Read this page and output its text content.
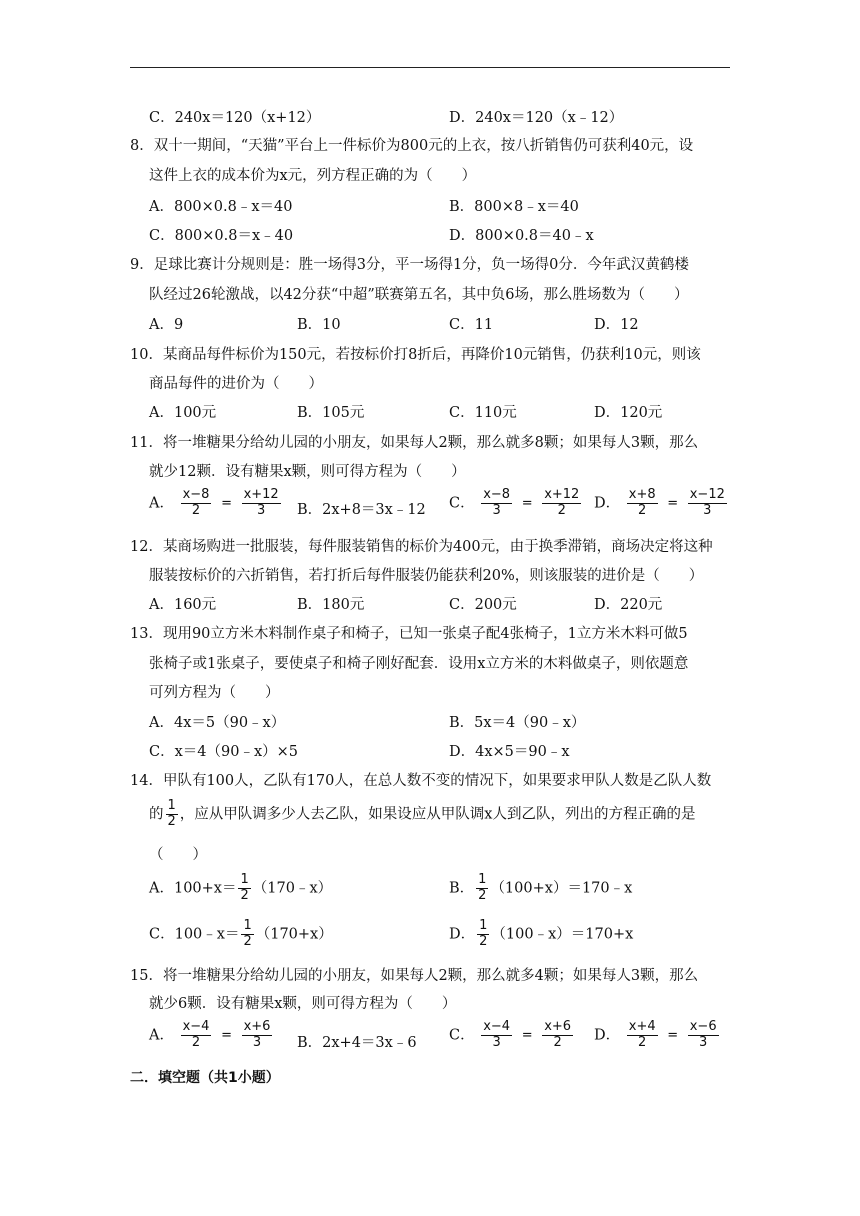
C．240x＝120（x+12）	D．240x＝120（x﹣12）
8．双十一期间，“天猫”平台上一件标价为800元的上衣，按八折销售仍可获利40元，设
这件上衣的成本价为x元，列方程正确的为（　　）
A．800×0.8﹣x＝40	B．800×8﹣x＝40
C．800×0.8＝x﹣40	D．800×0.8＝40﹣x
9．足球比赛计分规则是：胜一场得3分，平一场得1分，负一场得0分．今年武汉黄鹤楼
队经过26轮激战，以42分获“中超”联赛第五名，其中负6场，那么胜场数为（　　）
A．9	B．10	C．11	D．12
10．某商品每件标价为150元，若按标价打8折后，再降价10元销售，仍获利10元，则该
商品每件的进价为（　　）
A．100元	B．105元	C．110元	D．120元
11．将一堆糖果分给幼儿园的小朋友，如果每人2颗，那么就多8颗；如果每人3颗，那么
就少12颗．设有糖果x颗，则可得方程为（　　）
A． $\frac{x-8}{2} = \frac{x+12}{3}$ B．2x+8＝3x﹣12 C． $\frac{x-8}{3} = \frac{x+12}{2}$ D． $\frac{x+8}{2} = \frac{x-12}{3}$
12．某商场购进一批服装，每件服装销售的标价为400元，由于换季滞销，商场决定将这种
服装按标价的六折销售，若打折后每件服装仍能获利20%，则该服装的进价是（　　）
A．160元	B．180元	C．200元	D．220元
13．现用90立方米木料制作桌子和椅子，已知一张桌子配4张椅子，1立方米木料可做5
张椅子或1张桌子，要使桌子和椅子刚好配套．设用x立方米的木料做桌子，则依题意
可列方程为（　　）
A．4x＝5（90﹣x）	B．5x＝4（90﹣x）
C．x＝4（90﹣x）×5	D．4x×5＝90﹣x
14．甲队有100人，乙队有170人，在总人数不变的情况下，如果要求甲队人数是乙队人数
的 $\frac{1}{2}$ ，应从甲队调多少人去乙队，如果设应从甲队调x人到乙队，列出的方程正确的是
（　　）
A．$100+x= \frac{1}{2}$ （170﹣x）	B． $\frac{1}{2}$ （100+x）＝170﹣x
C．100﹣x＝ $\frac{1}{2} (170+x)$	D． $\frac{1}{2}$ （100﹣x）＝170+x
15．将一堆糖果分给幼儿园的小朋友，如果每人2颗，那么就多4颗；如果每人3颗，那么
就少6颗．设有糖果x颗，则可得方程为（　　）
A． $\frac{x-4}{2} = \frac{x+6}{3}$ B．2x+4＝3x﹣6 C． $\frac{x-4}{3} = \frac{x+6}{2}$ D． $\frac{x+4}{2} = \frac{x-6}{3}$
二．填空题（共1小题）
